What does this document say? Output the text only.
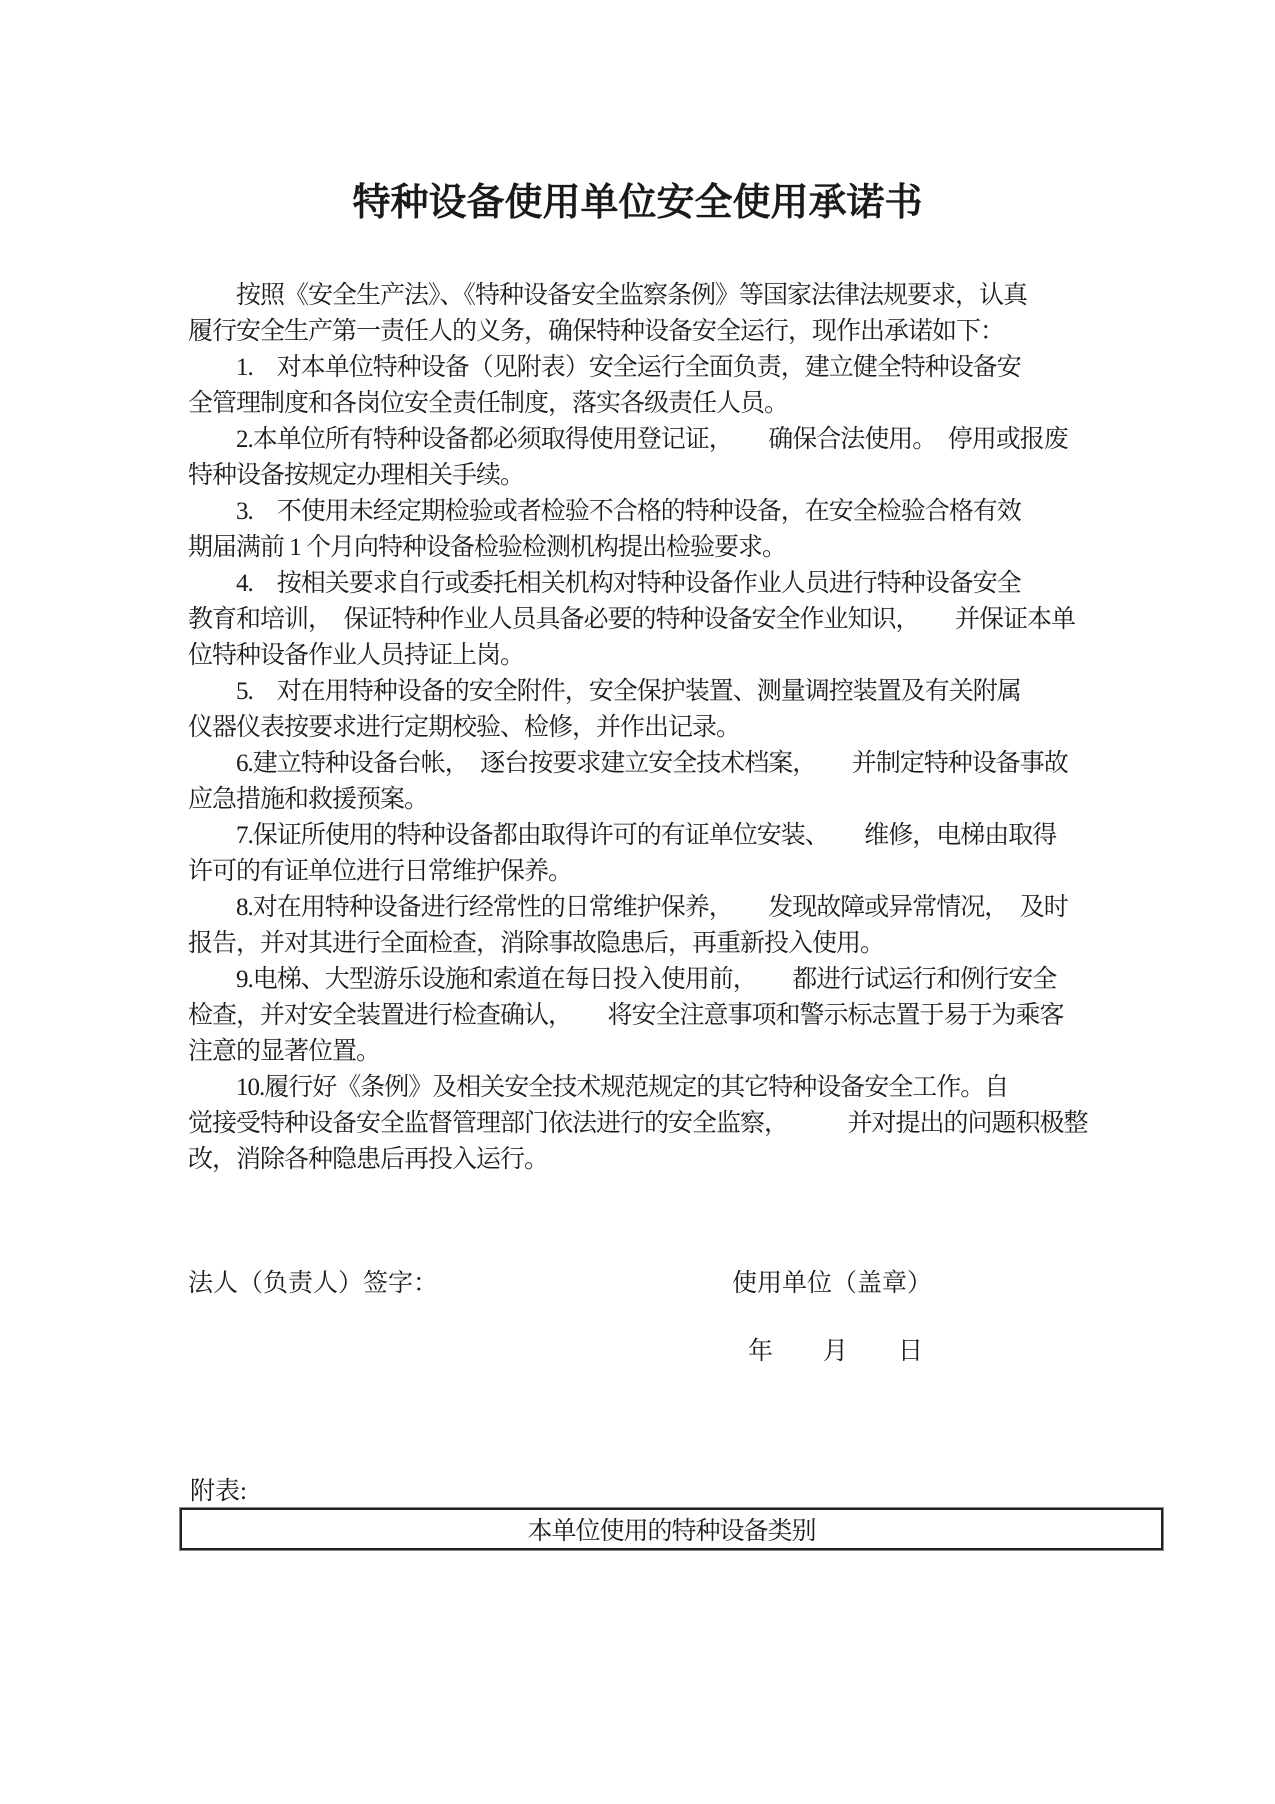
特种设备使用单位安全使用承诺书
　　按照《安全生产法》、《特种设备安全监察条例》等国家法律法规要求，认真
履行安全生产第一责任人的义务，确保特种设备安全运行，现作出承诺如下：
　　1.　对本单位特种设备（见附表）安全运行全面负责，建立健全特种设备安
全管理制度和各岗位安全责任制度，落实各级责任人员。
　　2.本单位所有特种设备都必须取得使用登记证，　　确保合法使用。　停用或报废
特种设备按规定办理相关手续。
　　3.　不使用未经定期检验或者检验不合格的特种设备，在安全检验合格有效
期届满前 1 个月向特种设备检验检测机构提出检验要求。
　　4.　按相关要求自行或委托相关机构对特种设备作业人员进行特种设备安全
教育和培训，　保证特种作业人员具备必要的特种设备安全作业知识，　　并保证本单
位特种设备作业人员持证上岗。
　　5.　对在用特种设备的安全附件，安全保护装置、测量调控装置及有关附属
仪器仪表按要求进行定期校验、检修，并作出记录。
　　6.建立特种设备台帐，　逐台按要求建立安全技术档案，　　并制定特种设备事故
应急措施和救援预案。
　　7.保证所使用的特种设备都由取得许可的有证单位安装、　　维修，电梯由取得
许可的有证单位进行日常维护保养。
　　8.对在用特种设备进行经常性的日常维护保养，　　发现故障或异常情况，　及时
报告，并对其进行全面检查，消除事故隐患后，再重新投入使用。
　　9.电梯、大型游乐设施和索道在每日投入使用前，　　都进行试运行和例行安全
检查，并对安全装置进行检查确认，　　将安全注意事项和警示标志置于易于为乘客
注意的显著位置。
　　10.履行好《条例》及相关安全技术规范规定的其它特种设备安全工作。自
觉接受特种设备安全监督管理部门依法进行的安全监察，　　　并对提出的问题积极整
改，消除各种隐患后再投入运行。
法人（负责人）签字：	使用单位（盖章）
年　　月　　日
附表:
本单位使用的特种设备类别
